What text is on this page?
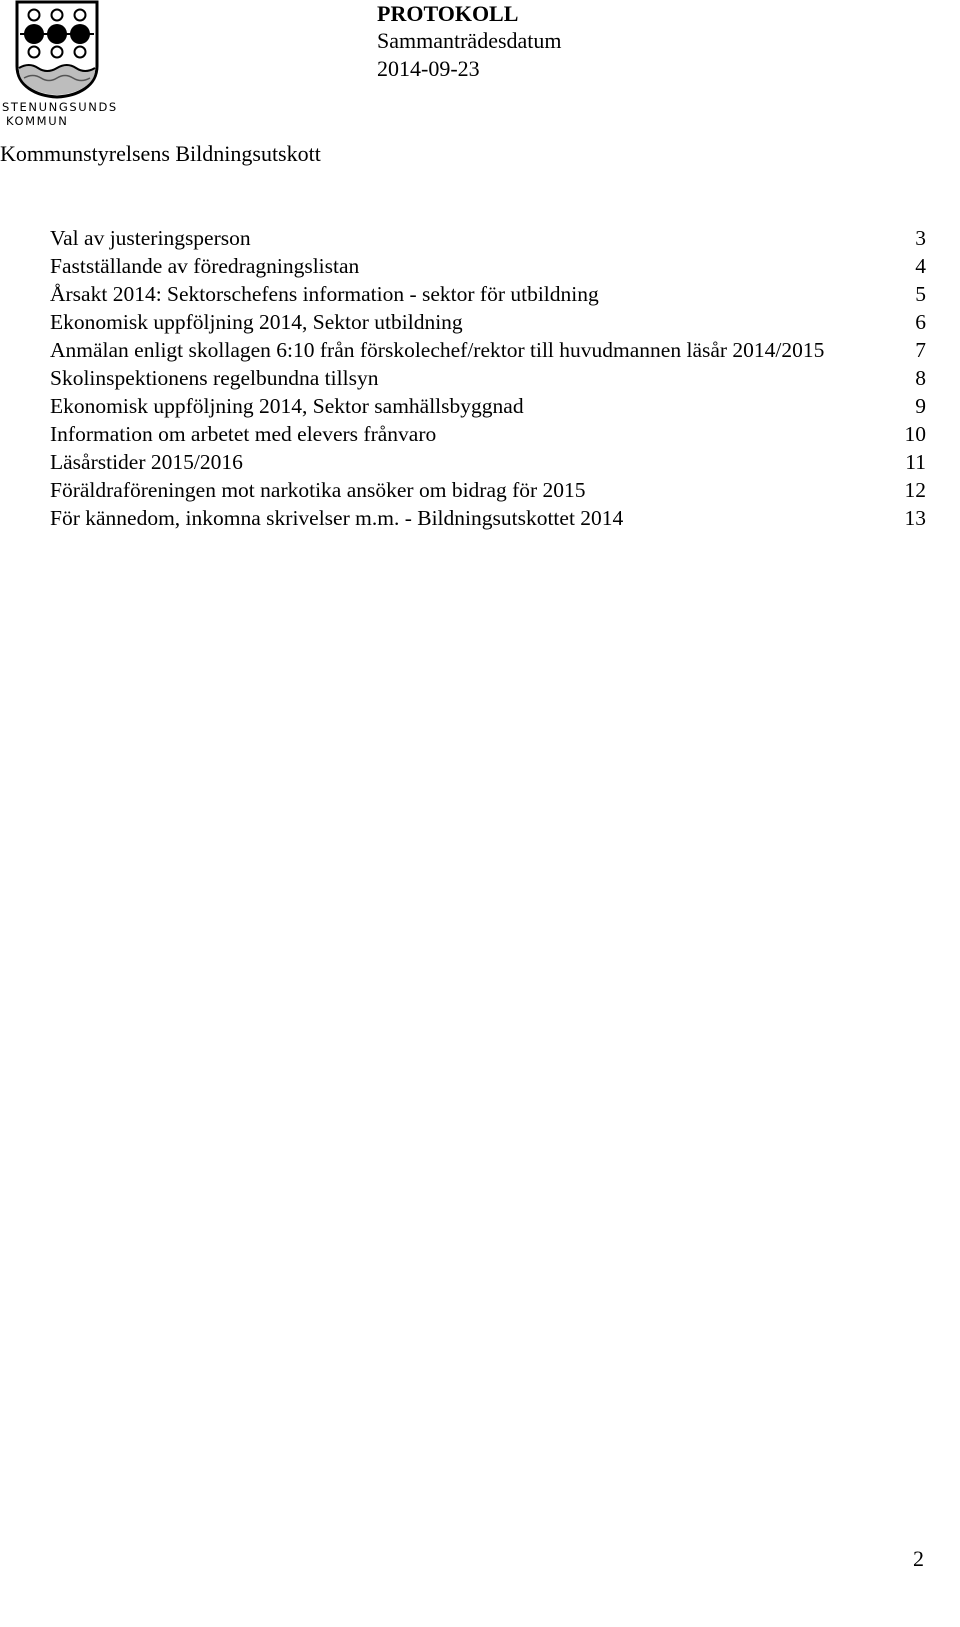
STENUNGSUNDS
KOMMUN
PROTOKOLL
Sammanträdesdatum
2014-09-23
Kommunstyrelsens Bildningsutskott
Val av justeringsperson	3
Fastställande av föredragningslistan	4
Årsakt 2014: Sektorschefens information - sektor för utbildning	5
Ekonomisk uppföljning 2014, Sektor utbildning	6
Anmälan enligt skollagen 6:10 från förskolechef/rektor till huvudmannen läsår 2014/2015	7
Skolinspektionens regelbundna tillsyn	8
Ekonomisk uppföljning 2014, Sektor samhällsbyggnad	9
Information om arbetet med elevers frånvaro	10
Läsårstider 2015/2016	11
Föräldraföreningen mot narkotika ansöker om bidrag för 2015	12
För kännedom, inkomna skrivelser m.m. - Bildningsutskottet 2014	13
2
